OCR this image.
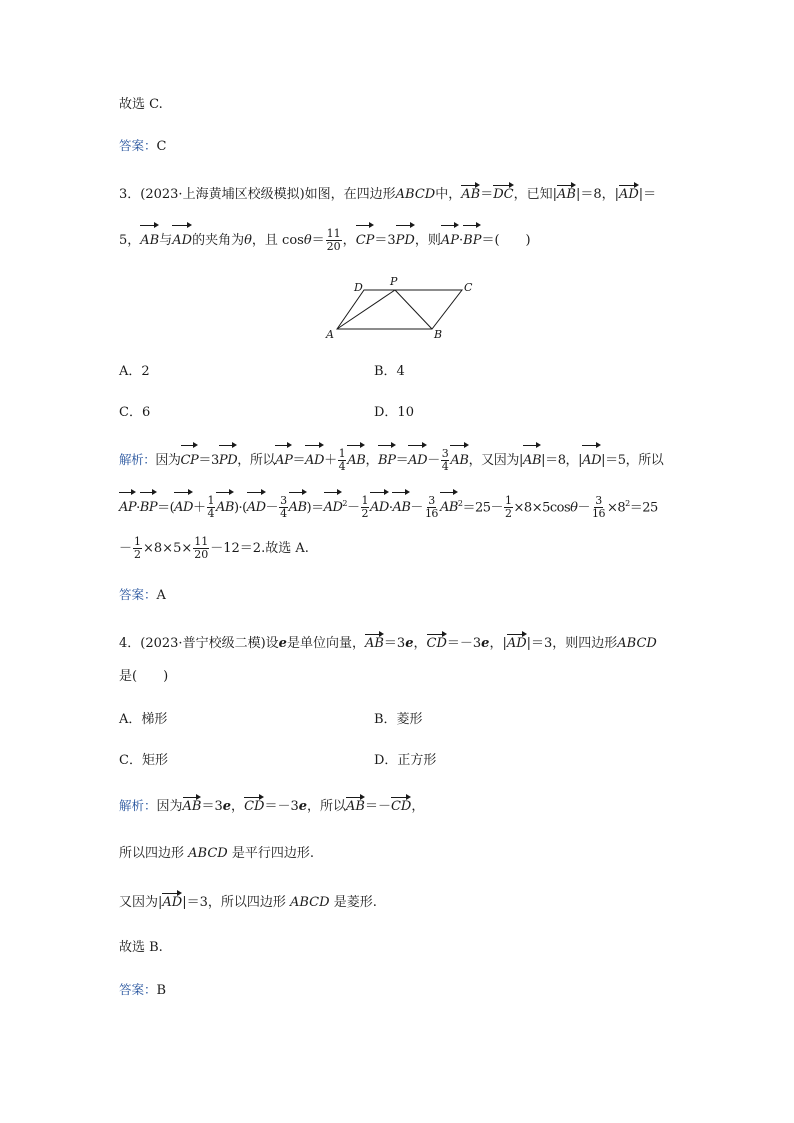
故选 C.
答案：C
3．(2023·上海黄埔区校级模拟)如图，在四边形ABCD中，AB＝DC，已知|AB|＝8，|AD|＝
5，AB与AD的夹角为θ，且 $\cos\theta= \frac{11}{20}$ ，CP＝3PD，则AP·BP＝(　　)
A	B
C
D P
A．2	B．4
C．6	D．10
解析：因为CP＝3PD，所以$AP=AD+ \frac{1}{4}$ AB，$BP=AD- \frac{3}{4}$ AB，又因为|AB|＝8，|AD|＝5，所以
$AP\cdot BP=(AD+ \frac{1}{4} AB)\cdot(AD- \frac{3}{4} AB)=AD^2- \frac{1}{2} AD\cdot AB- \frac{3}{16} AB^2=25- \frac{1}{2} \times 8\times 5\cos\theta- \frac{3}{16} \times 8^2=25$
－ $\frac{1}{2} \times 8\times 5\times \frac{11}{20} -12=2$.故选 A.
答案：A
4．(2023·普宁校级二模)设e是单位向量，AB＝3e，CD＝－3e，|AD|＝3，则四边形ABCD
是(　　)
A．梯形	B．菱形
C．矩形	D．正方形
解析：因为AB＝3e，CD＝－3e，所以AB＝－CD，
所以四边形 ABCD 是平行四边形.
又因为|AD|＝3，所以四边形 ABCD 是菱形.
故选 B.
答案：B
